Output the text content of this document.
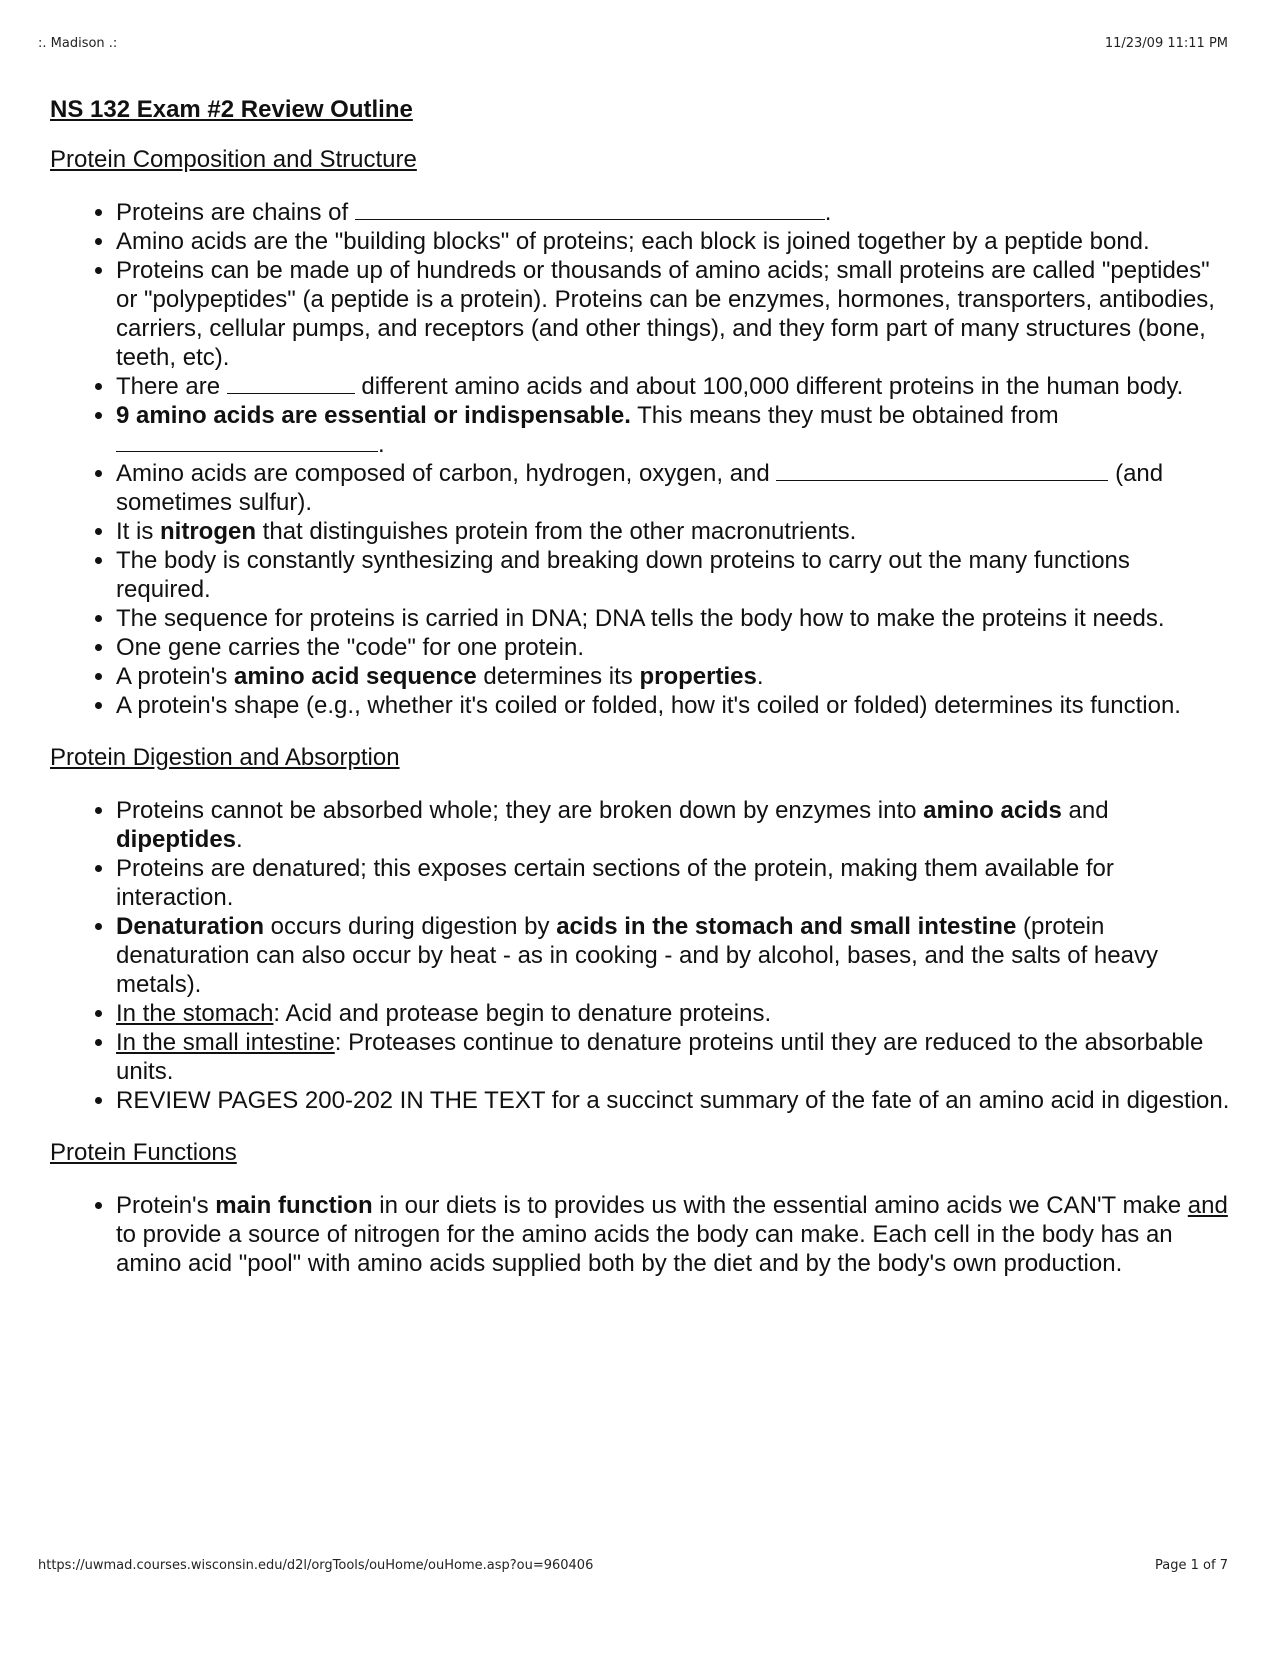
:. Madison .:	11/23/09 11:11 PM
NS 132 Exam #2 Review Outline
Protein Composition and Structure
• Proteins are chains of	.
• Amino acids are the "building blocks" of proteins; each block is joined together by a peptide bond.
• Proteins can be made up of hundreds or thousands of amino acids; small proteins are called "peptides" or "polypeptides" (a peptide is a protein). Proteins can be enzymes, hormones, transporters, antibodies, carriers, cellular pumps, and receptors (and other things), and they form part of many structures (bone, teeth, etc).
• There are	different amino acids and about 100,000 different proteins in the human body.
• 9 amino acids are essential or indispensable. This means they must be obtained from .
• Amino acids are composed of carbon, hydrogen, oxygen, and	(and sometimes sulfur).
• It is nitrogen that distinguishes protein from the other macronutrients.
• The body is constantly synthesizing and breaking down proteins to carry out the many functions required.
• The sequence for proteins is carried in DNA; DNA tells the body how to make the proteins it needs.
• One gene carries the "code" for one protein.
• A protein's amino acid sequence determines its properties.
• A protein's shape (e.g., whether it's coiled or folded, how it's coiled or folded) determines its function.
Protein Digestion and Absorption
• Proteins cannot be absorbed whole; they are broken down by enzymes into amino acids and dipeptides.
• Proteins are denatured; this exposes certain sections of the protein, making them available for interaction.
• Denaturation occurs during digestion by acids in the stomach and small intestine (protein denaturation can also occur by heat - as in cooking - and by alcohol, bases, and the salts of heavy metals).
• In the stomach: Acid and protease begin to denature proteins.
• In the small intestine: Proteases continue to denature proteins until they are reduced to the absorbable units.
• REVIEW PAGES 200-202 IN THE TEXT for a succinct summary of the fate of an amino acid in digestion.
Protein Functions
• Protein's main function in our diets is to provides us with the essential amino acids we CAN'T make and to provide a source of nitrogen for the amino acids the body can make. Each cell in the body has an amino acid "pool" with amino acids supplied both by the diet and by the body's own production.
https://uwmad.courses.wisconsin.edu/d2l/orgTools/ouHome/ouHome.asp?ou=960406	Page 1 of 7
